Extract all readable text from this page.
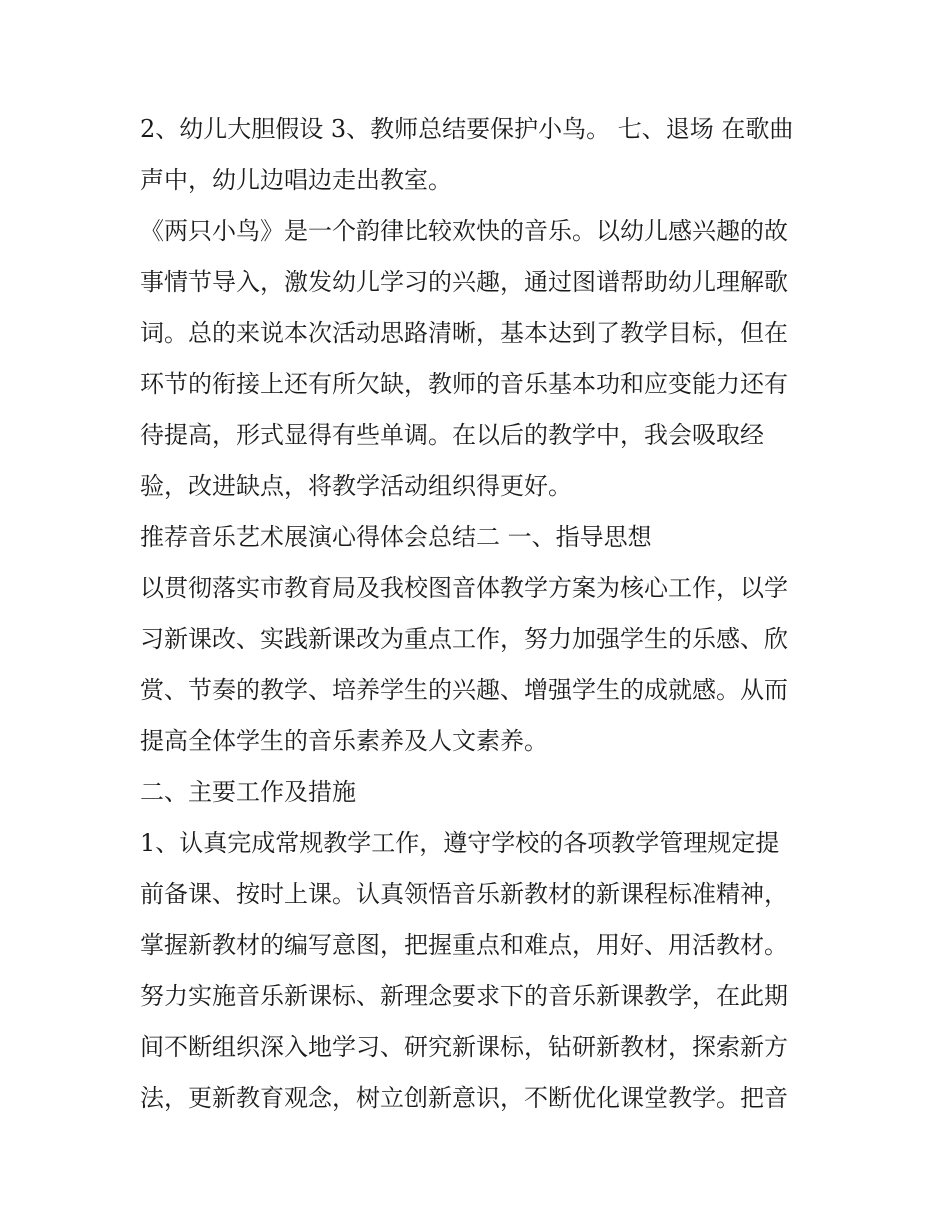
2、幼儿大胆假设 3、教师总结要保护小鸟。 七、退场 在歌曲
声中，幼儿边唱边走出教室。
《两只小鸟》是一个韵律比较欢快的音乐。以幼儿感兴趣的故
事情节导入，激发幼儿学习的兴趣，通过图谱帮助幼儿理解歌
词。总的来说本次活动思路清晰，基本达到了教学目标，但在
环节的衔接上还有所欠缺，教师的音乐基本功和应变能力还有
待提高，形式显得有些单调。在以后的教学中，我会吸取经
验，改进缺点，将教学活动组织得更好。
推荐音乐艺术展演心得体会总结二 一、指导思想
以贯彻落实市教育局及我校图音体教学方案为核心工作，以学
习新课改、实践新课改为重点工作，努力加强学生的乐感、欣
赏、节奏的教学、培养学生的兴趣、增强学生的成就感。从而
提高全体学生的音乐素养及人文素养。
二、主要工作及措施
1、认真完成常规教学工作，遵守学校的各项教学管理规定提
前备课、按时上课。认真领悟音乐新教材的新课程标准精神，
掌握新教材的编写意图，把握重点和难点，用好、用活教材。
努力实施音乐新课标、新理念要求下的音乐新课教学，在此期
间不断组织深入地学习、研究新课标，钻研新教材，探索新方
法，更新教育观念，树立创新意识，不断优化课堂教学。把音
